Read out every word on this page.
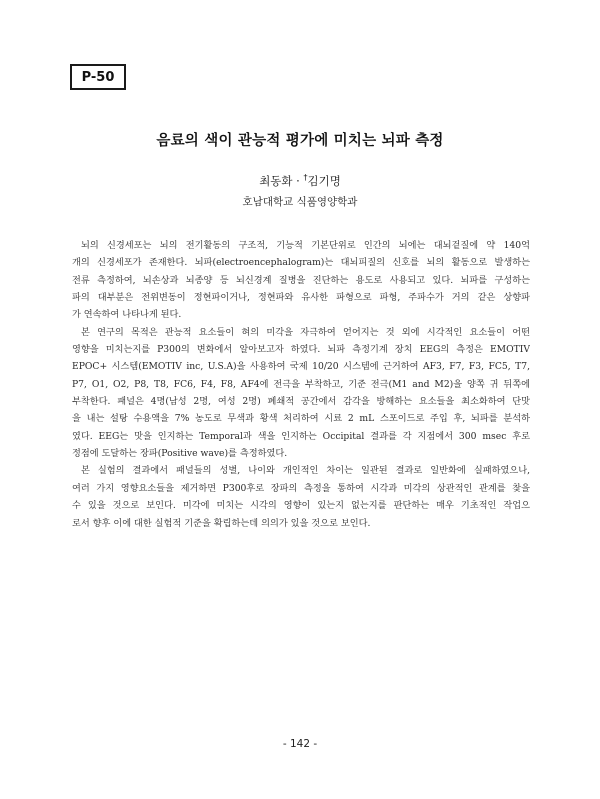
P-50
음료의 색이 관능적 평가에 미치는 뇌파 측정
최동화 · †김기명
호남대학교 식품영양학과
뇌의 신경세포는 뇌의 전기활동의 구조적, 기능적 기본단위로 인간의 뇌에는 대뇌겉질에 약 140억
개의 신경세포가 존재한다. 뇌파(electroencephalogram)는 대뇌피질의 신호를 뇌의 활동으로 발생하는
전류 측정하여, 뇌손상과 뇌종양 등 뇌신경계 질병을 진단하는 용도로 사용되고 있다. 뇌파를 구성하는
파의 대부분은 전위변동이 정현파이거나, 정현파와 유사한 파형으로 파형, 주파수가 거의 같은 상향파
가 연속하여 나타나게 된다.
본 연구의 목적은 관능적 요소들이 혀의 미각을 자극하여 얻어지는 것 외에 시각적인 요소들이 어떤
영향을 미치는지를 P300의 변화에서 알아보고자 하였다. 뇌파 측정기계 장치 EEG의 측정은 EMOTIV
EPOC+ 시스템(EMOTIV inc, U.S.A)을 사용하여 국제 10/20 시스템에 근거하여 AF3, F7, F3, FC5, T7,
P7, O1, O2, P8, T8, FC6, F4, F8, AF4에 전극을 부착하고, 기준 전극(M1 and M2)을 양쪽 귀 뒤쪽에
부착한다. 패널은 4명(남성 2명, 여성 2명) 폐쇄적 공간에서 감각을 방해하는 요소들을 최소화하여 단맛
을 내는 설탕 수용액을 7% 농도로 무색과 황색 처리하여 시료 2 mL 스포이드로 주입 후, 뇌파를 분석하
였다. EEG는 맛을 인지하는 Temporal과 색을 인지하는 Occipital 결과를 각 지점에서 300 msec 후로
정점에 도달하는 장파(Positive wave)를 측정하였다.
본 실험의 결과에서 패널들의 성별, 나이와 개인적인 차이는 일관된 결과로 일반화에 실패하였으나,
여러 가지 영향요소들을 제거하면 P300후로 장파의 측정을 통하여 시각과 미각의 상관적인 관계를 찾을
수 있을 것으로 보인다. 미각에 미치는 시각의 영향이 있는지 없는지를 판단하는 매우 기초적인 작업으
로서 향후 이에 대한 실험적 기준을 확립하는데 의의가 있을 것으로 보인다.
- 142 -
